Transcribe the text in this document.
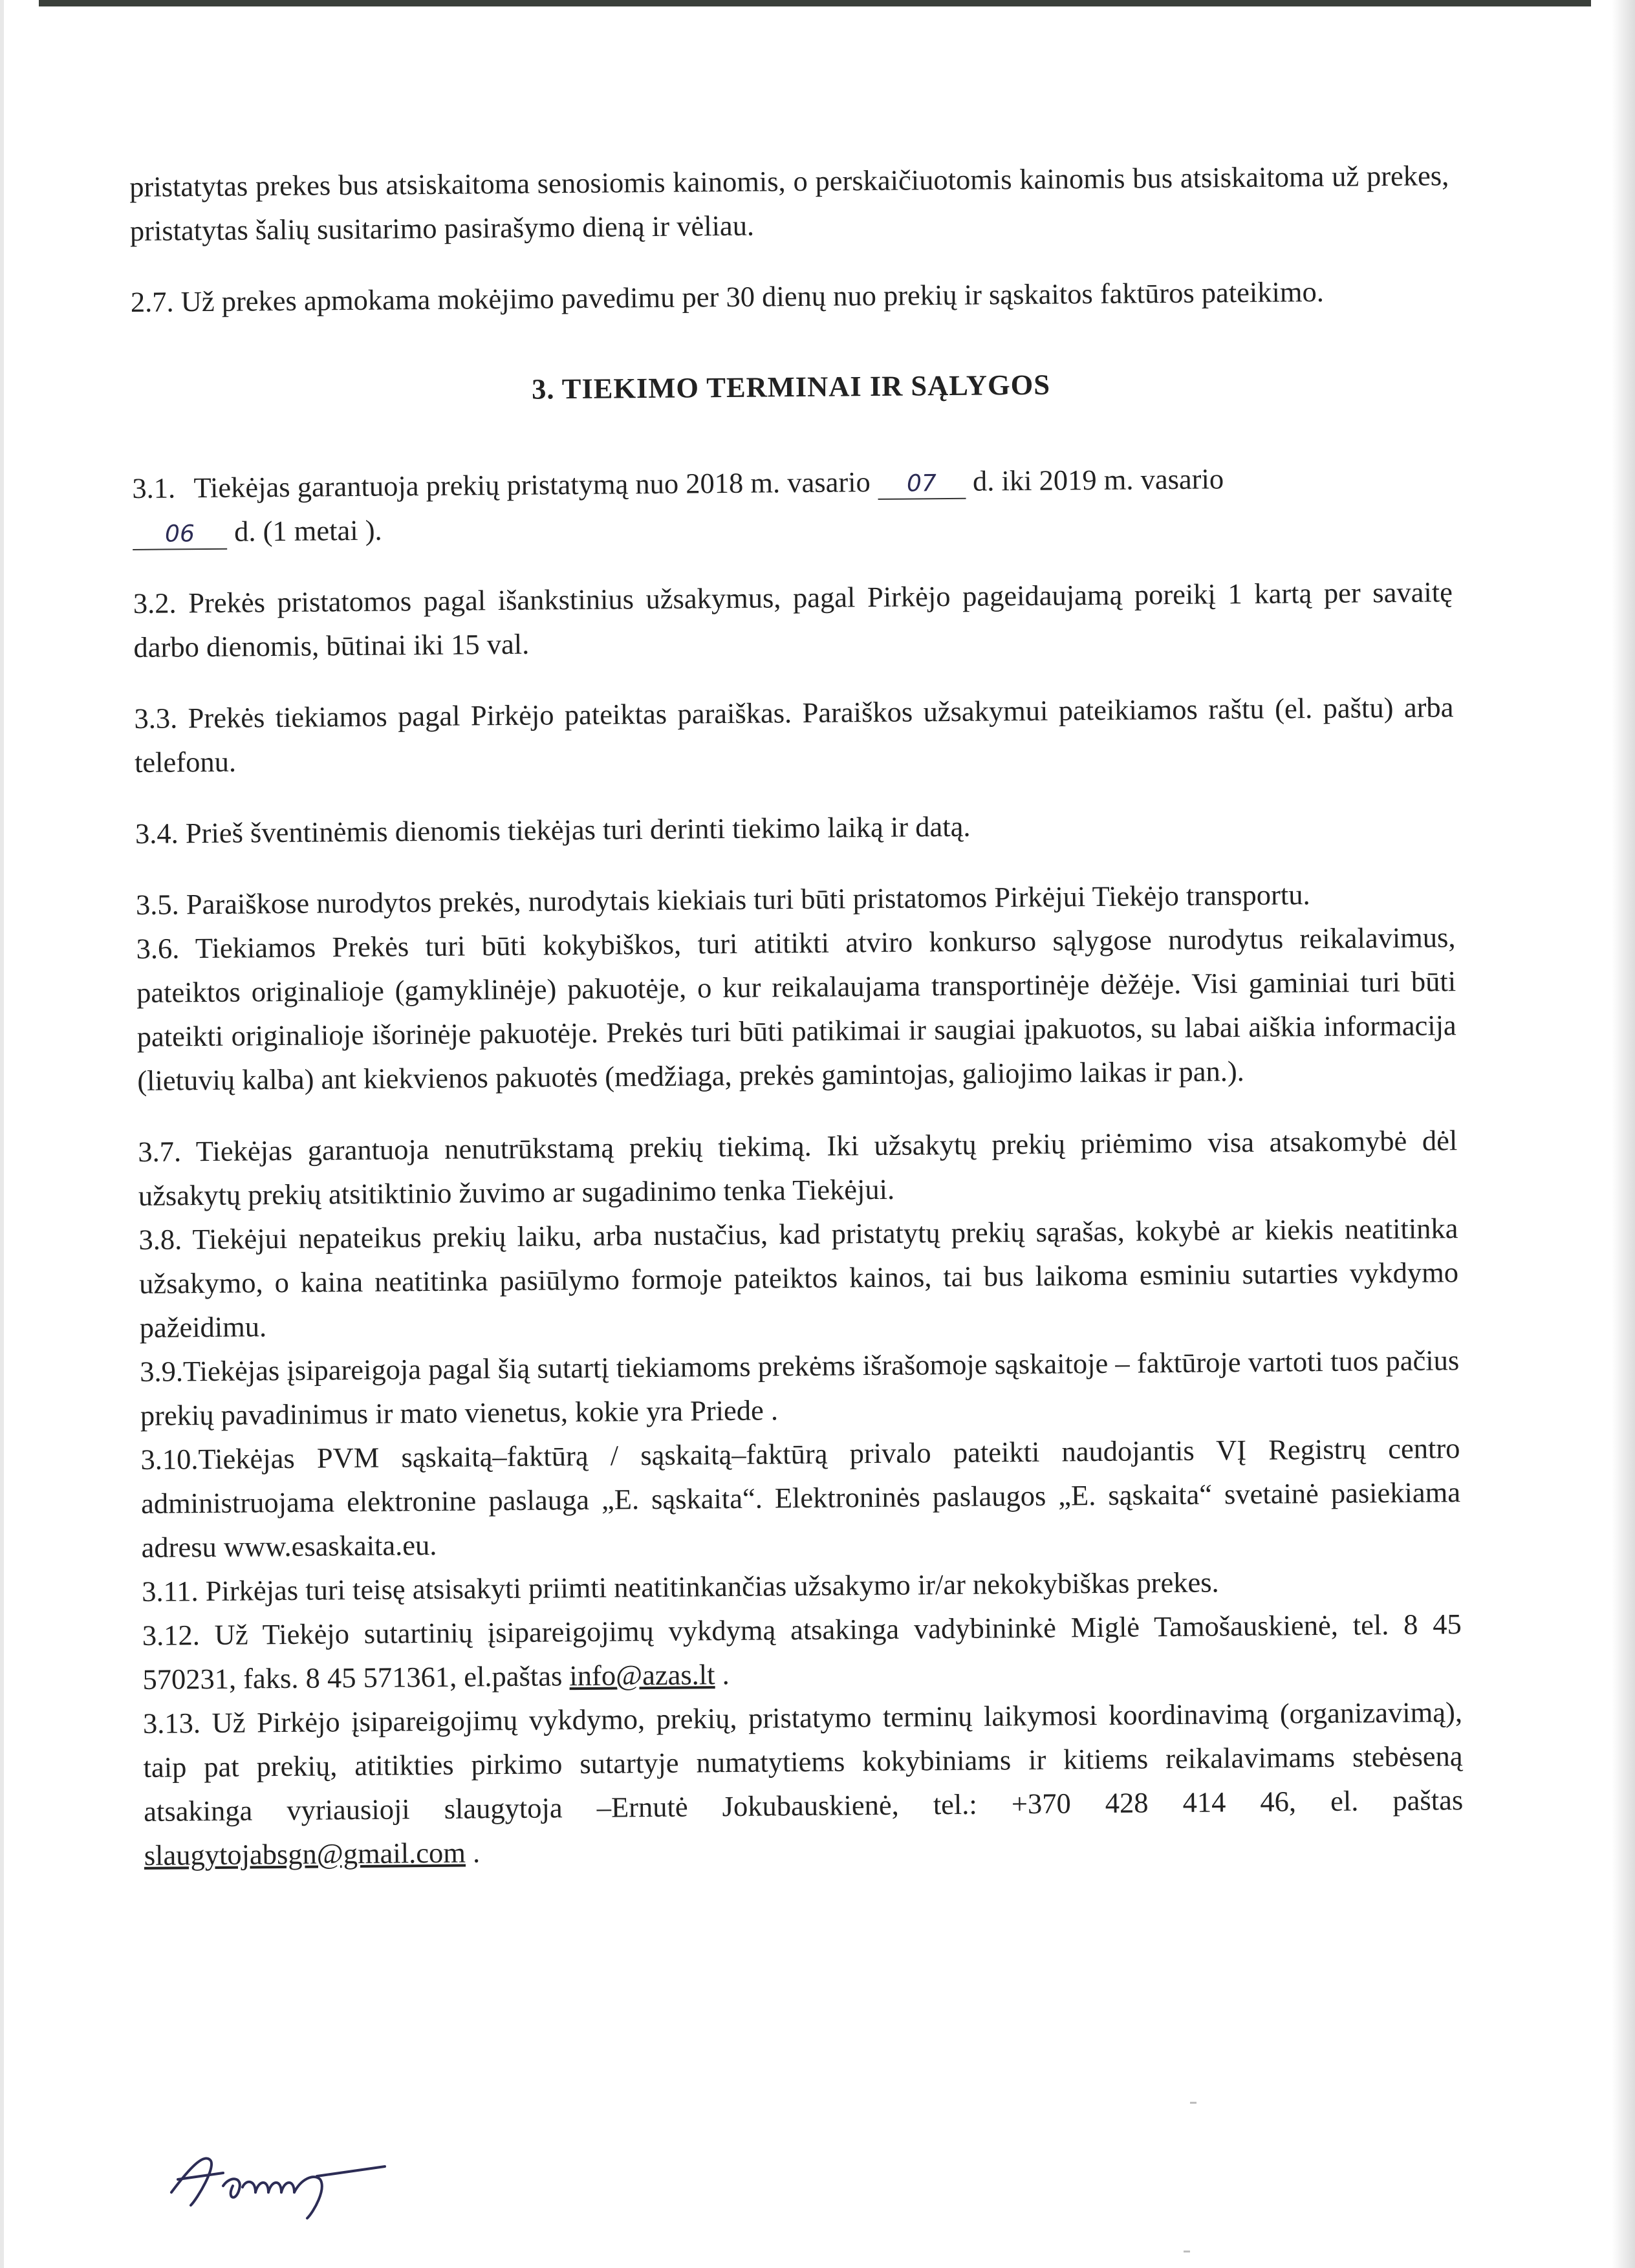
pristatytas prekes bus atsiskaitoma senosiomis kainomis, o perskaičiuotomis kainomis bus atsiskaitoma už prekes, pristatytas šalių susitarimo pasirašymo dieną ir vėliau.

2.7. Už prekes apmokama mokėjimo pavedimu per 30 dienų nuo prekių ir sąskaitos faktūros pateikimo.

3. TIEKIMO TERMINAI IR SĄLYGOS

3.1. Tiekėjas garantuoja prekių pristatymą nuo 2018 m. vasario 07 d. iki 2019 m. vasario
06 d. (1 metai ).

3.2. Prekės pristatomos pagal išankstinius užsakymus, pagal Pirkėjo pageidaujamą poreikį 1 kartą per savaitę darbo dienomis, būtinai iki 15 val.

3.3. Prekės tiekiamos pagal Pirkėjo pateiktas paraiškas. Paraiškos užsakymui pateikiamos raštu (el. paštu) arba telefonu.

3.4. Prieš šventinėmis dienomis tiekėjas turi derinti tiekimo laiką ir datą.

3.5. Paraiškose nurodytos prekės, nurodytais kiekiais turi būti pristatomos Pirkėjui Tiekėjo transportu.

3.6. Tiekiamos Prekės turi būti kokybiškos, turi atitikti atviro konkurso sąlygose nurodytus reikalavimus, pateiktos originalioje (gamyklinėje) pakuotėje, o kur reikalaujama transportinėje dėžėje. Visi gaminiai turi būti pateikti originalioje išorinėje pakuotėje. Prekės turi būti patikimai ir saugiai įpakuotos, su labai aiškia informacija (lietuvių kalba) ant kiekvienos pakuotės (medžiaga, prekės gamintojas, galiojimo laikas ir pan.).

3.7. Tiekėjas garantuoja nenutrūkstamą prekių tiekimą. Iki užsakytų prekių priėmimo visa atsakomybė dėl užsakytų prekių atsitiktinio žuvimo ar sugadinimo tenka Tiekėjui.

3.8. Tiekėjui nepateikus prekių laiku, arba nustačius, kad pristatytų prekių sąrašas, kokybė ar kiekis neatitinka užsakymo, o kaina neatitinka pasiūlymo formoje pateiktos kainos, tai bus laikoma esminiu sutarties vykdymo pažeidimu.

3.9.Tiekėjas įsipareigoja pagal šią sutartį tiekiamoms prekėms išrašomoje sąskaitoje – faktūroje vartoti tuos pačius prekių pavadinimus ir mato vienetus, kokie yra Priede .

3.10.Tiekėjas PVM sąskaitą–faktūrą / sąskaitą–faktūrą privalo pateikti naudojantis VĮ Registrų centro administruojama elektronine paslauga „E. sąskaita“. Elektroninės paslaugos „E. sąskaita“ svetainė pasiekiama adresu www.esaskaita.eu.

3.11. Pirkėjas turi teisę atsisakyti priimti neatitinkančias užsakymo ir/ar nekokybiškas prekes.

3.12. Už Tiekėjo sutartinių įsipareigojimų vykdymą atsakinga vadybininkė Miglė Tamošauskienė, tel. 8 45 570231, faks. 8 45 571361, el.paštas info@azas.lt .

3.13. Už Pirkėjo įsipareigojimų vykdymo, prekių, pristatymo terminų laikymosi koordinavimą (organizavimą), taip pat prekių, atitikties pirkimo sutartyje numatytiems kokybiniams ir kitiems reikalavimams stebėseną atsakinga vyriausioji slaugytoja –Ernutė Jokubauskienė, tel.: +370 428 414 46, el. paštas slaugytojabsgn@gmail.com .
